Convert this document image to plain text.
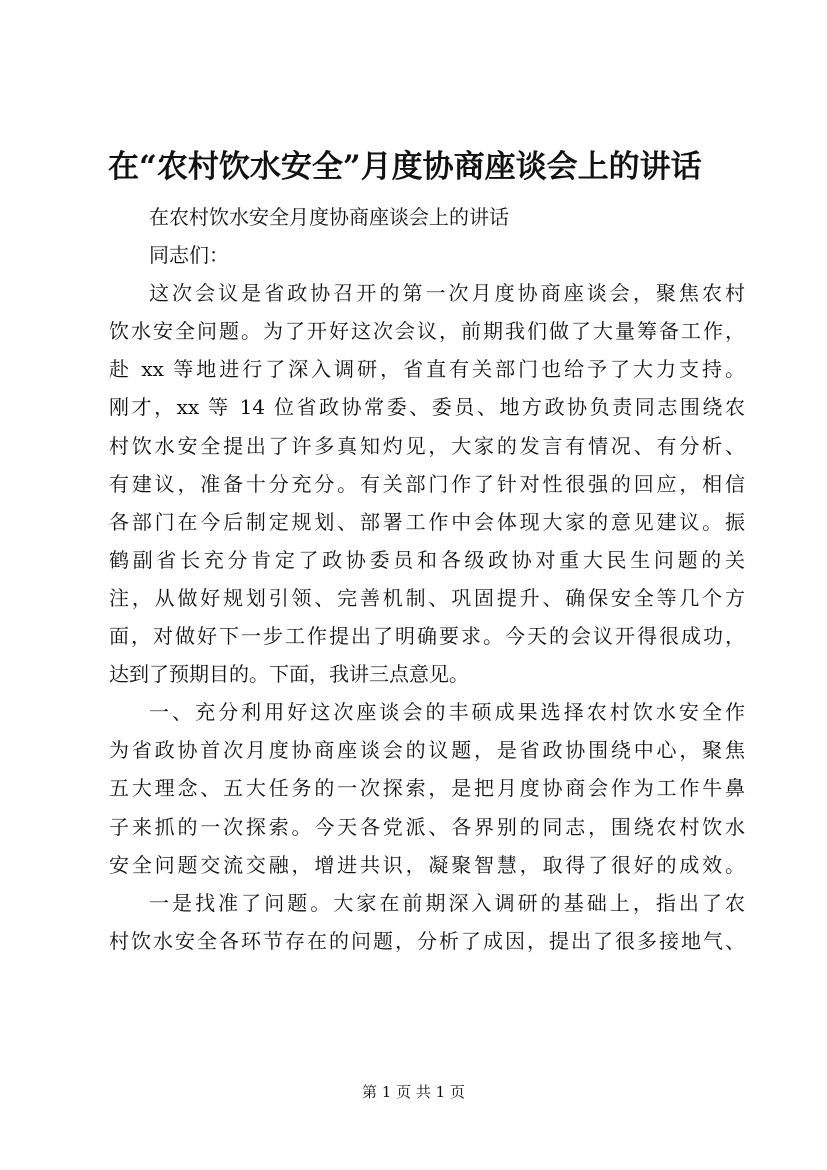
在“农村饮水安全”月度协商座谈会上的讲话
在农村饮水安全月度协商座谈会上的讲话
同志们：
这次会议是省政协召开的第一次月度协商座谈会，聚焦农村
饮水安全问题。为了开好这次会议，前期我们做了大量筹备工作，
赴 xx 等地进行了深入调研，省直有关部门也给予了大力支持。
刚才，xx 等 14 位省政协常委、委员、地方政协负责同志围绕农
村饮水安全提出了许多真知灼见，大家的发言有情况、有分析、
有建议，准备十分充分。有关部门作了针对性很强的回应，相信
各部门在今后制定规划、部署工作中会体现大家的意见建议。振
鹤副省长充分肯定了政协委员和各级政协对重大民生问题的关
注，从做好规划引领、完善机制、巩固提升、确保安全等几个方
面，对做好下一步工作提出了明确要求。今天的会议开得很成功，
达到了预期目的。下面，我讲三点意见。
一、充分利用好这次座谈会的丰硕成果选择农村饮水安全作
为省政协首次月度协商座谈会的议题，是省政协围绕中心，聚焦
五大理念、五大任务的一次探索，是把月度协商会作为工作牛鼻
子来抓的一次探索。今天各党派、各界别的同志，围绕农村饮水
安全问题交流交融，增进共识，凝聚智慧，取得了很好的成效。
一是找准了问题。大家在前期深入调研的基础上，指出了农
村饮水安全各环节存在的问题，分析了成因，提出了很多接地气、
第 1 页 共 1 页
